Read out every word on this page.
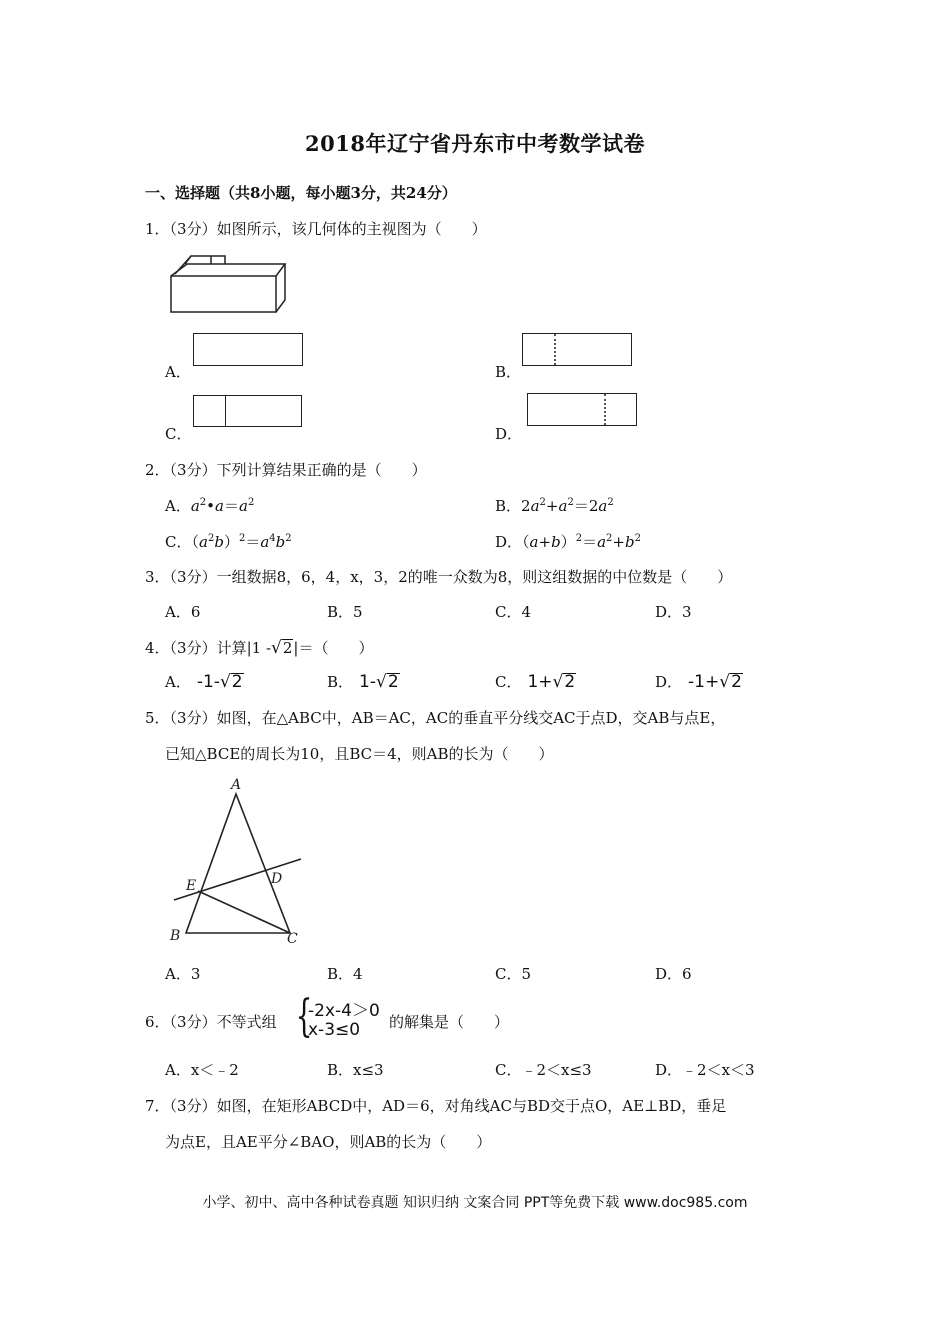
2018年辽宁省丹东市中考数学试卷
一、选择题（共8小题，每小题3分，共24分）
1．（3分）如图所示，该几何体的主视图为（　　）
A．	B．
C．	D．
2．（3分）下列计算结果正确的是（　　）
A．$a^2•a=a^2$	B．$2a^2+a^2=2a^2$
C．$(a^2b)^2=a^4b^2$	D．$(a+b)^2=a^2+b^2$
3．（3分）一组数据8，6，4，x，3，2的唯一众数为8，则这组数据的中位数是（　　）
A．6	B．5	C．4	D．3
4．（3分）计算|1 -√2|＝（　　）
A． -1-√2	B． 1-√2	C． 1+√2	D． -1+√2
5．（3分）如图，在△ABC中，AB＝AC，AC的垂直平分线交AC于点D，交AB与点E，
已知△BCE的周长为10，且BC＝4，则AB的长为（　　）
A
B	C
D
E
A．3	B．4	C．5	D．6
6．（3分）不等式组 {
-2x-4＞0
x-3≤0 的解集是（　　）
A．x＜﹣2	B．x≤3	C．﹣2＜x≤3	D．﹣2＜x＜3
7．（3分）如图，在矩形ABCD中，AD＝6，对角线AC与BD交于点O，AE⊥BD，垂足
为点E，且AE平分∠BAO，则AB的长为（　　）
小学、初中、高中各种试卷真题 知识归纳 文案合同 PPT等免费下载 www.doc985.com
